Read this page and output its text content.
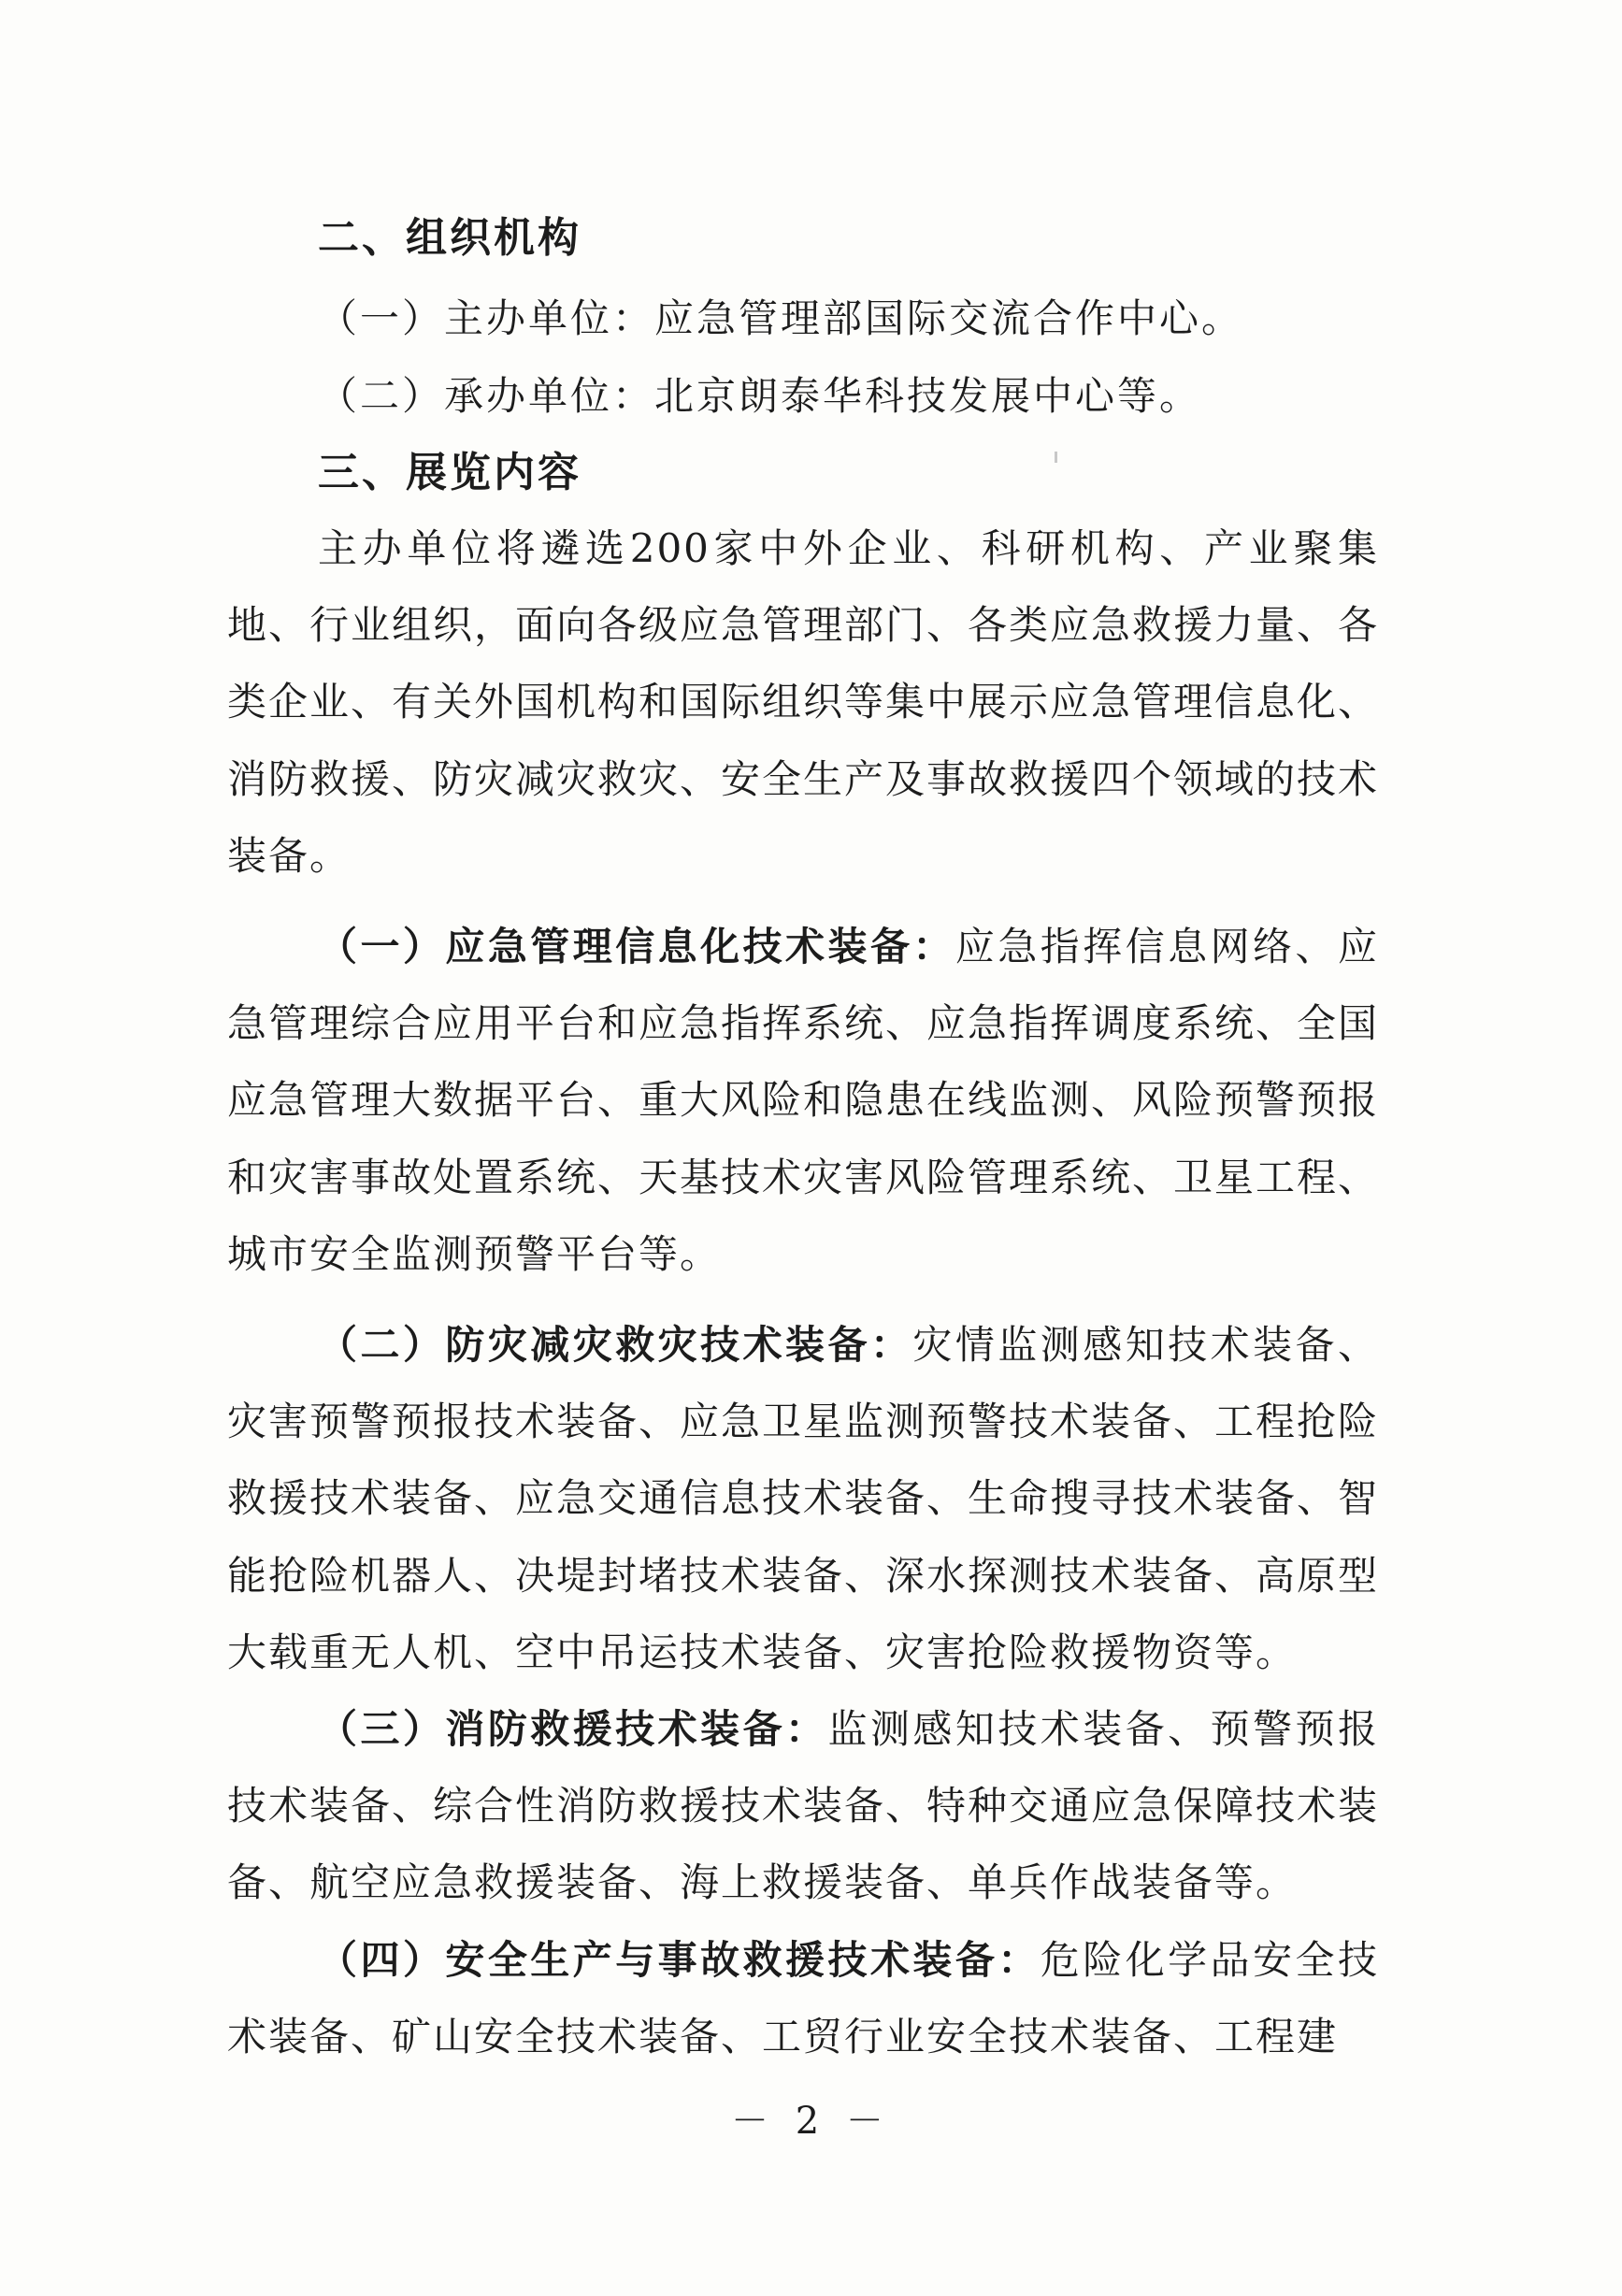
二、组织机构
（一）主办单位：应急管理部国际交流合作中心。
（二）承办单位：北京朗泰华科技发展中心等。
三、展览内容

主办单位将遴选200家中外企业、科研机构、产业聚集地、行业组织，面向各级应急管理部门、各类应急救援力量、各类企业、有关外国机构和国际组织等集中展示应急管理信息化、消防救援、防灾减灾救灾、安全生产及事故救援四个领域的技术装备。

（一）应急管理信息化技术装备：应急指挥信息网络、应急管理综合应用平台和应急指挥系统、应急指挥调度系统、全国应急管理大数据平台、重大风险和隐患在线监测、风险预警预报和灾害事故处置系统、天基技术灾害风险管理系统、卫星工程、城市安全监测预警平台等。

（二）防灾减灾救灾技术装备：灾情监测感知技术装备、灾害预警预报技术装备、应急卫星监测预警技术装备、工程抢险救援技术装备、应急交通信息技术装备、生命搜寻技术装备、智能抢险机器人、决堤封堵技术装备、深水探测技术装备、高原型大载重无人机、空中吊运技术装备、灾害抢险救援物资等。

（三）消防救援技术装备：监测感知技术装备、预警预报技术装备、综合性消防救援技术装备、特种交通应急保障技术装备、航空应急救援装备、海上救援装备、单兵作战装备等。

（四）安全生产与事故救援技术装备：危险化学品安全技术装备、矿山安全技术装备、工贸行业安全技术装备、工程建

－ 2 －
